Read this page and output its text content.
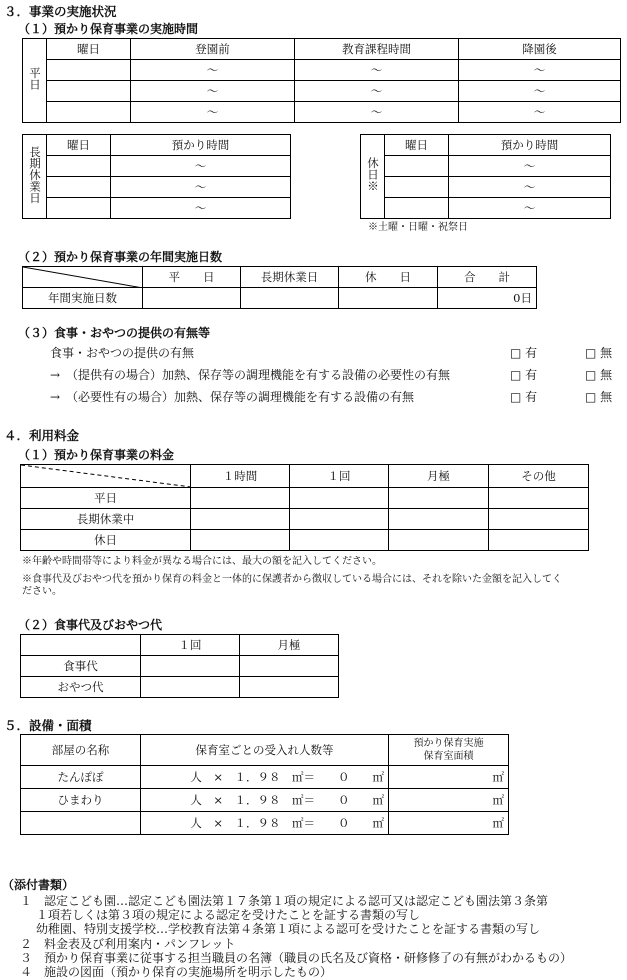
３．事業の実施状況
（１）預かり保育事業の実施時間
平日	曜日	登園前	教育課程時間	降園後
		～	～	～
		～	～	～
		～	～	～
長期休業日	曜日	預かり時間
		～
		～
		～
休日※	曜日	預かり時間
		～
		～
		～
※土曜・日曜・祝祭日
（２）預かり保育事業の年間実施日数
	平　　日	長期休業日	休　　日	合　　計
年間実施日数				0日
（３）食事・おやつの提供の有無等
食事・おやつの提供の有無	□ 有	□ 無
→　（提供有の場合）加熱、保存等の調理機能を有する設備の必要性の有無	□ 有	□ 無
→　（必要性有の場合）加熱、保存等の調理機能を有する設備の有無	□ 有	□ 無
４．利用料金
（１）預かり保育事業の料金
	１時間	１回	月極	その他
平日				
長期休業中				
休日				
※年齢や時間帯等により料金が異なる場合には、最大の額を記入してください。
※食事代及びおやつ代を預かり保育の料金と一体的に保護者から徴収している場合には、それを除いた金額を記入してく
ださい。
（２）食事代及びおやつ代
	１回	月極
食事代		
おやつ代		
５．設備・面積
部屋の名称	保育室ごとの受入れ人数等	預かり保育実施
保育室面積
たんぽぽ	人　×　１．９８　㎡＝　　０　　㎡	㎡
ひまわり	人　×　１．９８　㎡＝　　０　　㎡	㎡
	人　×　１．９８　㎡＝　　０　　㎡	㎡
（添付書類）
１　認定こども園…認定こども園法第１７条第１項の規定による認可又は認定こども園法第３条第
１項若しくは第３項の規定による認定を受けたことを証する書類の写し
幼稚園、特別支援学校…学校教育法第４条第１項による認可を受けたことを証する書類の写し
２　料金表及び利用案内・パンフレット
３　預かり保育事業に従事する担当職員の名簿（職員の氏名及び資格・研修修了の有無がわかるもの）
４　施設の図面（預かり保育の実施場所を明示したもの）
